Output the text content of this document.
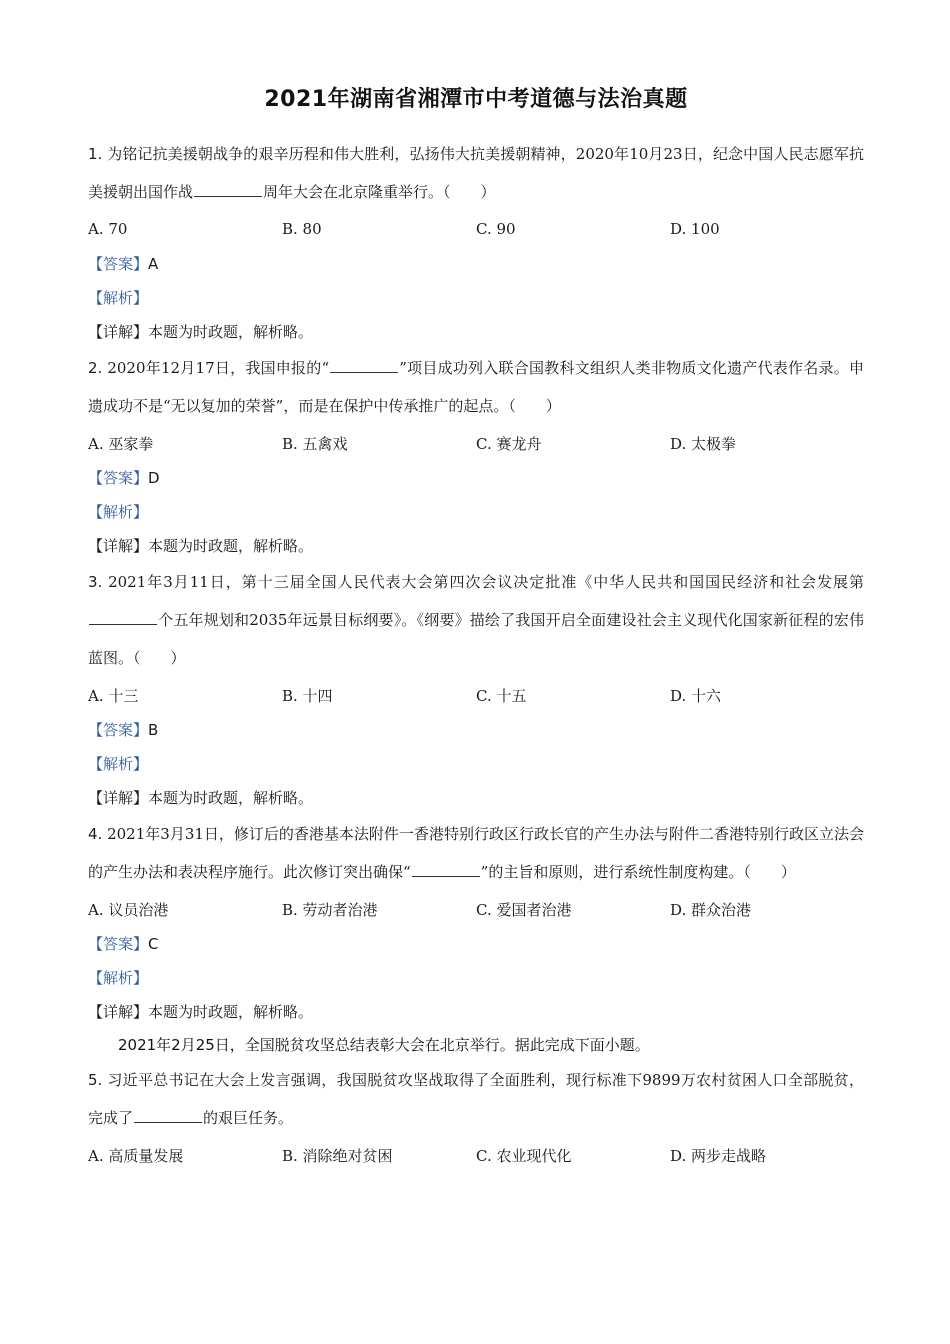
2021年湖南省湘潭市中考道德与法治真题
1. 为铭记抗美援朝战争的艰辛历程和伟大胜利，弘扬伟大抗美援朝精神，2020年10月23日，纪念中国人民志愿军抗美援朝出国作战	周年大会在北京隆重举行。（　　）
A. 70	B. 80	C. 90	D. 100
【答案】A
【解析】
【详解】本题为时政题，解析略。
2. 2020年12月17日，我国申报的“	”项目成功列入联合国教科文组织人类非物质文化遗产代表作名录。申遗成功不是“无以复加的荣誉”，而是在保护中传承推广的起点。（　　）
A. 巫家拳	B. 五禽戏	C. 赛龙舟	D. 太极拳
【答案】D
【解析】
【详解】本题为时政题，解析略。
3. 2021年3月11日，第十三届全国人民代表大会第四次会议决定批准《中华人民共和国国民经济和社会发展第个五年规划和2035年远景目标纲要》。《纲要》描绘了我国开启全面建设社会主义现代化国家新征程的宏伟蓝图。（　　）
A. 十三	B. 十四	C. 十五	D. 十六
【答案】B
【解析】
【详解】本题为时政题，解析略。
4. 2021年3月31日，修订后的香港基本法附件一香港特别行政区行政长官的产生办法与附件二香港特别行政区立法会的产生办法和表决程序施行。此次修订突出确保“	”的主旨和原则，进行系统性制度构建。（　　）
A. 议员治港	B. 劳动者治港	C. 爱国者治港	D. 群众治港
【答案】C
【解析】
【详解】本题为时政题，解析略。
2021年2月25日，全国脱贫攻坚总结表彰大会在北京举行。据此完成下面小题。
5. 习近平总书记在大会上发言强调，我国脱贫攻坚战取得了全面胜利，现行标准下9899万农村贫困人口全部脱贫，完成了	的艰巨任务。
A. 高质量发展	B. 消除绝对贫困	C. 农业现代化	D. 两步走战略
